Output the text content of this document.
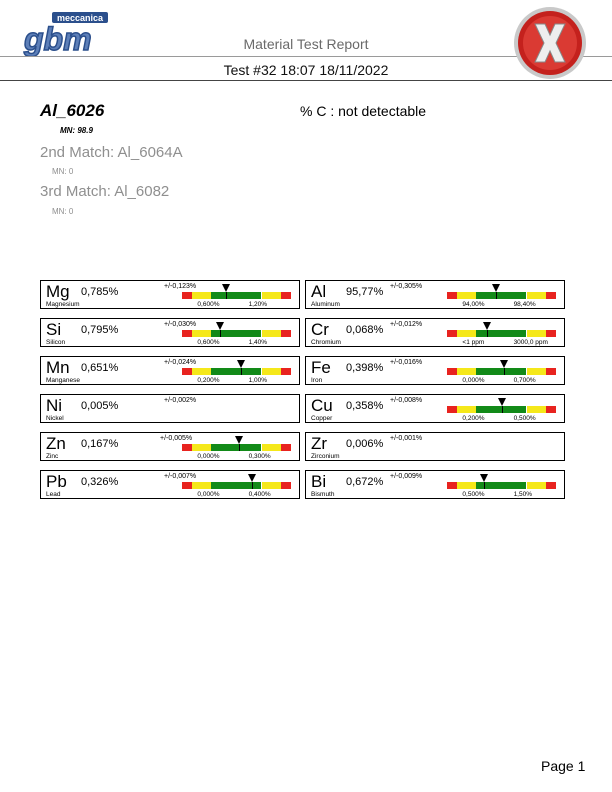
meccanica
gbm	Material Test Report
Test #32 18:07 18/11/2022
Al_6026
MN: 98.9
% C : not detectable
2nd Match: Al_6064A
MN: 0
3rd Match: Al_6082
MN: 0
Mg
Magnesium
0,785%	+/-0,123%
0,600%	1,20%
Al
Aluminum
95,77% +/-0,305%
94,00%	98,40%
Si
Silicon
0,795%	+/-0,030%
0,600%	1,40%
Cr
Chromium
0,068% +/-0,012%
<1 ppm	3000,0 ppm
Mn
Manganese
0,651%	+/-0,024%
0,200%	1,00%
Fe
Iron
0,398% +/-0,016%
0,000%	0,700%
Ni
Nickel
0,005%	+/-0,002%	Cu
Copper
0,358% +/-0,008%
0,200%	0,500%
Zn
Zinc
0,167%	+/-0,005%
0,000%	0,300%
Zr
Zirconium
0,006% +/-0,001%
Pb
Lead
0,326%	+/-0,007%
0,000%	0,400%
Bi
Bismuth
0,672% +/-0,009%
0,500%	1,50%
Page 1
